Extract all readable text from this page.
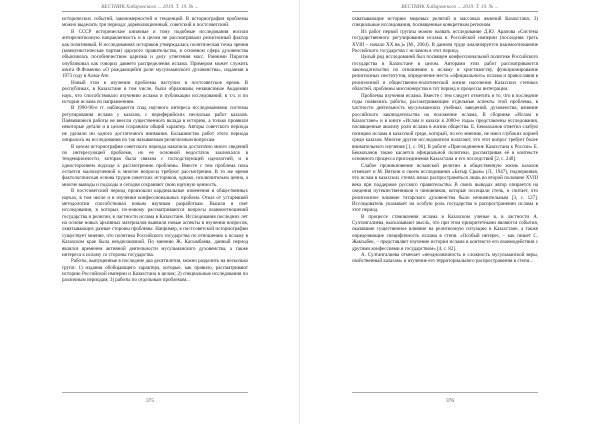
ВЕСТНИК Хабаровского ... 2019. Т. 19. № ...

исторических событий, закономерностей и тенденций. В историографии проблемы можно выделить три периода: дореволюционный, советский и постсоветский.

В СССР исторические книжные и тому подобные исследования носили антирелигиозную направленность и в целом не рассматривали религиозный фактор как позитивный. В исследованиях историков утверждалась политическая точка зрения (коммунистическая партия) царского правительства, в основном сфера духовенства объяснялась пособничеством царизма и делу угнетения масс. Ранними Пирогов опубликовал как говорил давнего распределения ислама. Примером может служить книга Ф.Фоменко «О рождающейся роли мусульманского духовенства», изданная в 1973 году в Алма-Ате.

Новый этап в изучении проблемы наступил в постсоветское время. В республиках, в Казахстане в том числе, были образованы независимые Академии наук, что способствовало изучению ислама и публикации исследований, в т.ч. и по истории ислама по направлениям.

В 1990-90-е гг. наблюдается спад научного интереса исследованиями системы регулирования ислама у казахов, с периферийских несколько работ казахов. Появившиеся работы не внесли существенного вклада в историю, а только проявили некоторые детали и в целом сохранили общий характер. Авторы советского периода не уделяли ни одного достаточного внимания. Большинство работ этого периода опиралось на исследования по так называемым религиозным вопросам.

В целом историография советского периода накопила достаточно много сведений по интересующей проблеме, но ее основной недостаток заключался в тенденциозности, которая была связана с господствующей идеологией, и в одностороннем подходе к рассмотрению проблемы. Вместе с тем проблема пока остается малоизученной и многие вопросы требуют рассмотрения. В то же время фактологическая основа трудов советских историков, однако, исключительно ценна, а многие выводы и подходы и сегодня сохраняют свою научную ценность.

В постсоветский период произошли кардинальные изменения в общественных науках, в том числе и в изучении конфессиональных проблем. Отказ от устаревшей методологии способствовал новым научным разработкам. Вышли в свет исследования, в которых по-новому рассматриваются вопросы взаимоотношений государства и религии, в частности ислама в Казахстане. Исследования последних лет на основе новых архивных материалов выявили новые аспекты в изучении вопросов, охватывающих разные стороны проблемы. Например, в постсоветской историографии существует мнение, что политика Российского государства по отношению к исламу в Казахском крае была неоднозначной. По мнению Ж. Касымбаева, данный период являлся временем активной деятельности мусульманского духовенства, а также интереса к исламу со стороны государства.

Работы, выпущенные в последние два десятилетия, можно разделить на несколько групп: 1) издания обобщающего характера, которые, как правило, рассматривают историю Российской империи и Казахстана в целом; 2) специальные исследования по различным периодам; 3) работы по отдельным проблемам...

375
ВЕСТНИК Хабаровского ... 2019. Т. 19. № ...

охватывающие историю мировых религий и массовых явлений Казахстана; 3) специальные исследования, посвященные конкретным регионам.

Из работ первой группы можно назвать исследование Д.Ю. Арапова «Система государственного регулирования ислама в Российской империи (последняя треть XVIII – начало XX вв.)» (М., 2004). В данном труде анализируется взаимоотношение Российского государства с исламом в этот период.

Целый ряд исследований был посвящен конфессиональной политике Российского государства в Казахстане в целом. Авторами этих работ рассматриваются законодательство по отношению к исламу и христианству, функционирование религиозных институтов, определение места «официального» ислама и православия в религиозной и общественно-политической жизни населения Казахских степных областей, проблемы миссионерства в тот период и процессы интеграции.

Проблемы изучения ислама. Вместе с тем следует отметить и то, что в последние годы появились работы, рассматривающие отдельные аспекты этой проблемы, в частности деятельность мусульманских учебных заведений, духовенства, влияние российского законодательства на положение ислама. В сборнике «Ислам в Казахстане» и в книге «Ислам и казахи в 2000-е годы» представлены исследования, посвященные анализу роли ислама в жизни общества. Е. Бекмаханов отметил слабую позицию ислама в казахской среде, который, по его мнению, не имел глубоких корней среди казахов. Многие другие исследователи полагают, что этот вопрос требует более внимательного изучения [1, с. 96]. В работе «Присоединение Казахстана к России» Е. Бекмаханов также касается официальной политики, рассматривая её в контексте основного процесса присоединения Казахстана и его последствий [2, с. 248].

Слабое проникновение исламской религии в общественную жизнь казахов отмечает и М. Вяткин в своем исследовании «Батыр Срым» (Л., 1947), подчеркивая, что ислам в казахских степях начал распространяться лишь во второй половине XVIII века при поддержке русского правительства. В своих выводах автор опирается на сведения путешественников и чиновников, которые посещали степь, и считает, что религиозное влияние татарского духовенства было незначительным [3, с. 127]. Исследователь указывает на особую роль государства в распространении ислама в этот период.

В процессе становления ислама в Казахском ученые в, в частности А. Султангалиева, высказывают мысль, что при этом приоритетными являются события, оказавшие существенное влияние на религиозную ситуацию в Казахстане, а также определяющие специфичность ислама в степи. «Особый интерес, – как пишет С. Жаксыбек, – представляет изучение истории ислама в контексте его взаимодействия с другими конфессиями и государством» [4, с. 82].

А. Султангалиева отмечает «неоднозначность и сложность мусульманской веры, свойственный казахам» и изучение его территориального распространения в степи...

376
